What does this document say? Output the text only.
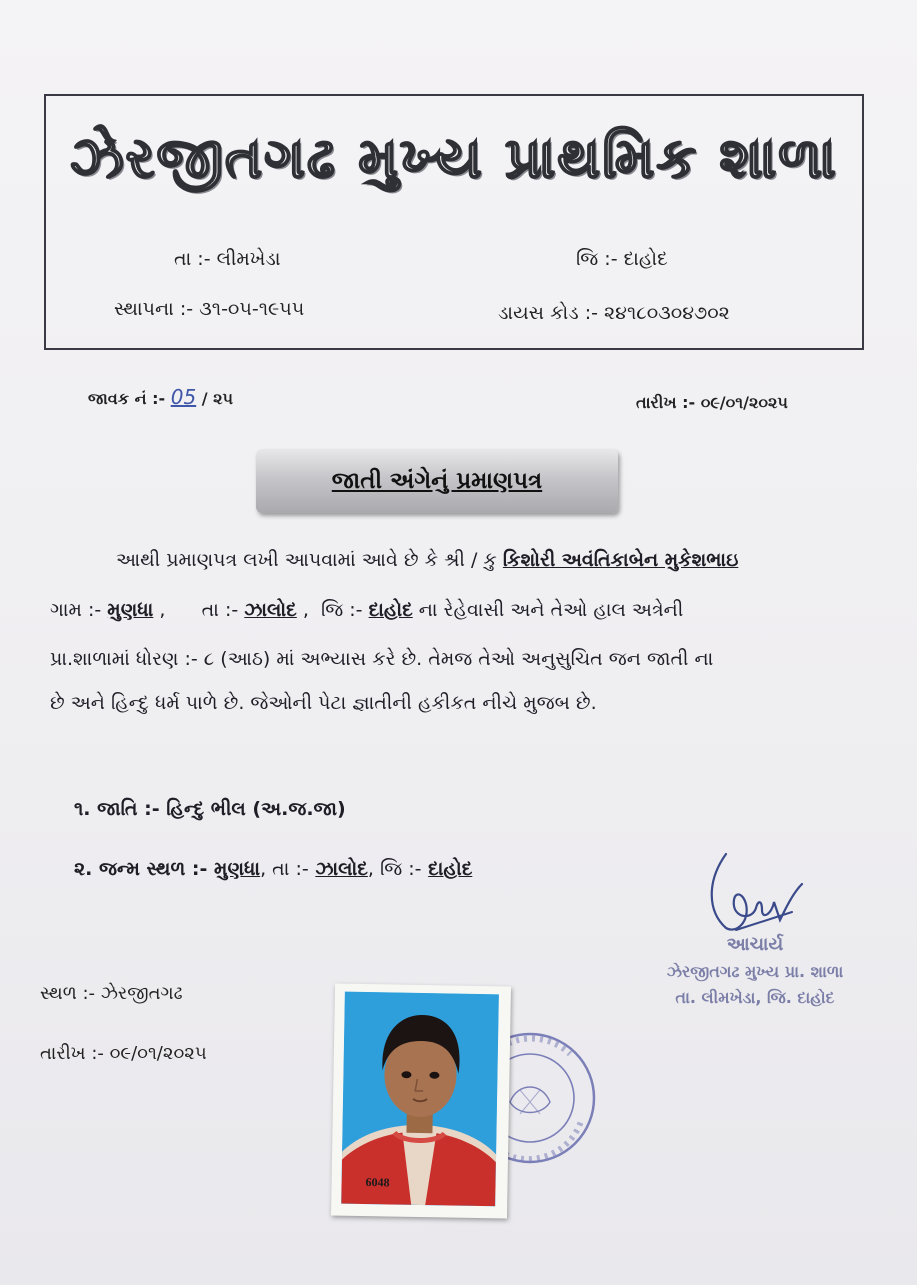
ઝેરજીતગઢ મુખ્ય પ્રાથમિક શાળા
તા :- લીમખેડા	જિ :- દાહોદ
સ્થાપના :- ૩૧-૦૫-૧૯૫૫	ડાયસ કોડ :- ૨૪૧૮૦૩૦૪૭૦૨
જાવક નં :- 05 / ૨૫	તારીખ :- ૦૯/૦૧/૨૦૨૫
જાતી અંગેનું પ્રમાણપત્ર
આથી પ્રમાણપત્ર લખી આપવામાં આવે છે કે શ્રી / કુ કિશોરી અવંતિકાબેન મુકેશભાઇ
ગામ :- મુણધા ,      તા :- ઝાલોદ ,  જિ :- દાહોદ ના રેહેવાસી અને તેઓ હાલ અત્રેની
પ્રા.શાળામાં ધોરણ :- ૮ (આઠ) માં અભ્યાસ કરે છે. તેમજ તેઓ અનુસુચિત જન જાતી ના
છે અને હિન્દુ ધર્મ પાળે છે. જેઓની પેટા જ્ઞાતીની હકીકત નીચે મુજબ છે.
૧. જાતિ :- હિન્દુ ભીલ (અ.જ.જા)
૨. જન્મ સ્થળ :- મુણધા, તા :- ઝાલોદ, જિ :- દાહોદ
આચાર્ય
ઝેરજીતગઢ મુખ્ય પ્રા. શાળા
તા. લીમખેડા, જિ. દાહોદ
સ્થળ :- ઝેરજીતગઢ
તારીખ :- ૦૯/૦૧/૨૦૨૫
6048
